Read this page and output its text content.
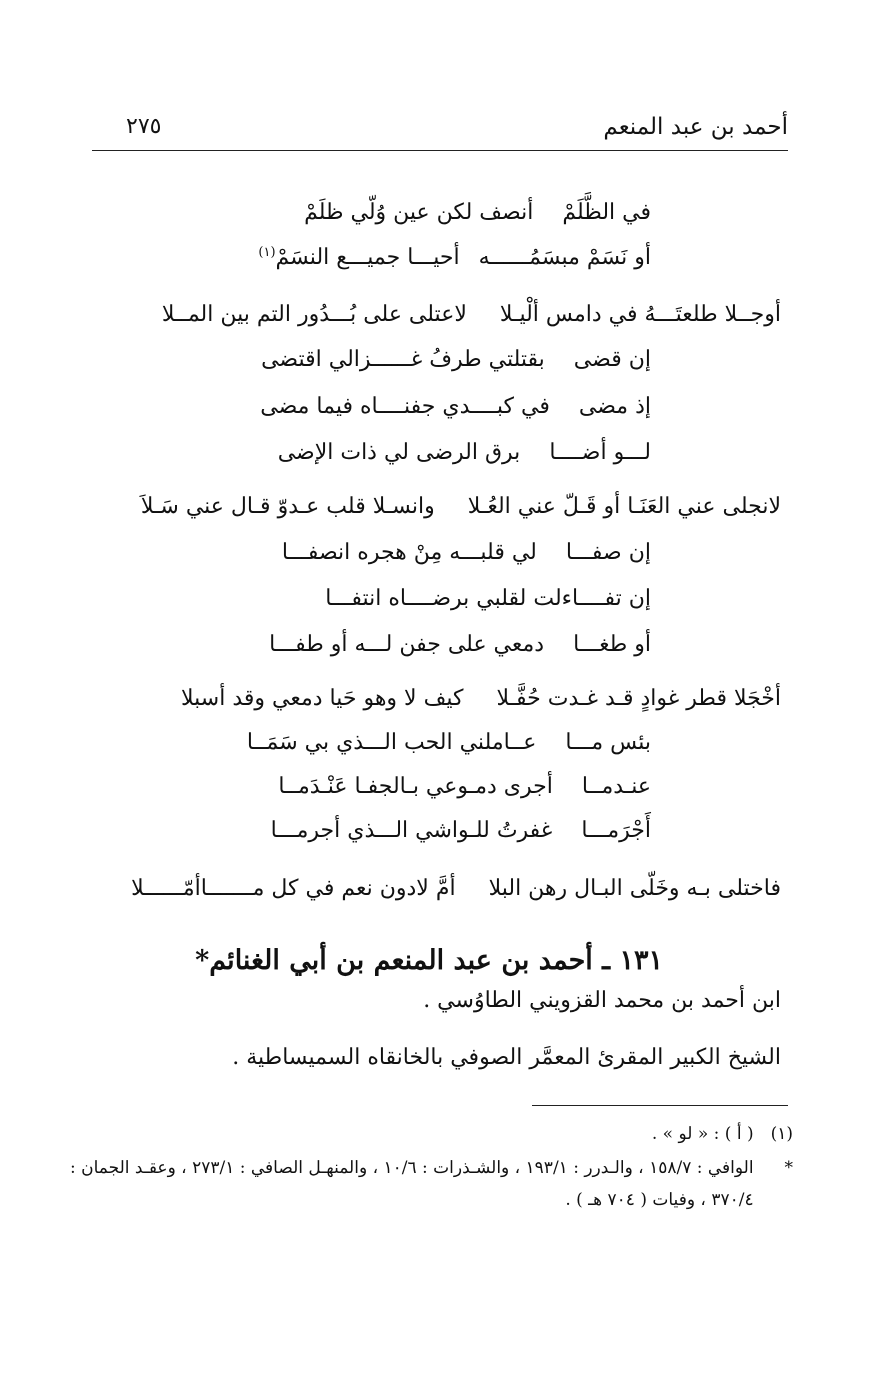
أحمد بن عبد المنعم
٢٧٥
في الظَّلَمْ أنصف لكن عين وُلّي ظلَمْ
أو نَسَمْ مبسَمُــــــه أحيـــا جميـــع النسَمْ$^{(١)}$
أوجــلا طلعتَـــهُ في دامس ألْيـلا لاعتلى على بُـــدُور التم بين المــلا
إن قضى بقتلتي طرفُ غــــــزالي اقتضى
إذ مضى في كبــــدي جفنــــاه فيما مضى
لـــو أضــــا برق الرضى لي ذات الإضى
لانجلى عني العَنَـا أو قَـلّ عني العُـلا وانسـلا قلب عـدوّ قـال عني سَـلاَ
إن صفـــا لي قلبـــه مِنْ هجره انصفـــا
إن تفــــاءلت لقلبي برضــــاه انتفـــا
أو طغـــا دمعي على جفن لـــه أو طفـــا
أخْجَلا قطر غوادٍ قـد غـدت حُفَّـلا كيف لا وهو حَيا دمعي وقد أسبلا
بئس مـــا عــاملني الحب الـــذي بي سَمَــا
عنـدمــا أجرى دمـوعي بـالجفـا عَنْـدَمــا
أَجْرَمـــا غفرتُ للـواشي الـــذي أجرمـــا
فاختلى بـه وخَلّى البـال رهن البلا أمَّ لادون نعم في كل مـــــــاأمّــــــلا
١٣١ ـ أحمد بن عبد المنعم بن أبي الغنائم*
ابن أحمد بن محمد القزويني الطاوُسي .
الشيخ الكبير المقرئ المعمَّر الصوفي بالخانقاه السميساطية .
(١) ( أ ) : « لو » .
* الوافي : ١٥٨/٧ ، والـدرر : ١٩٣/١ ، والشـذرات : ١٠/٦ ، والمنهـل الصافي : ٢٧٣/١ ، وعقـد الجمان :
٣٧٠/٤ ، وفيات ( ٧٠٤ هـ ) .
